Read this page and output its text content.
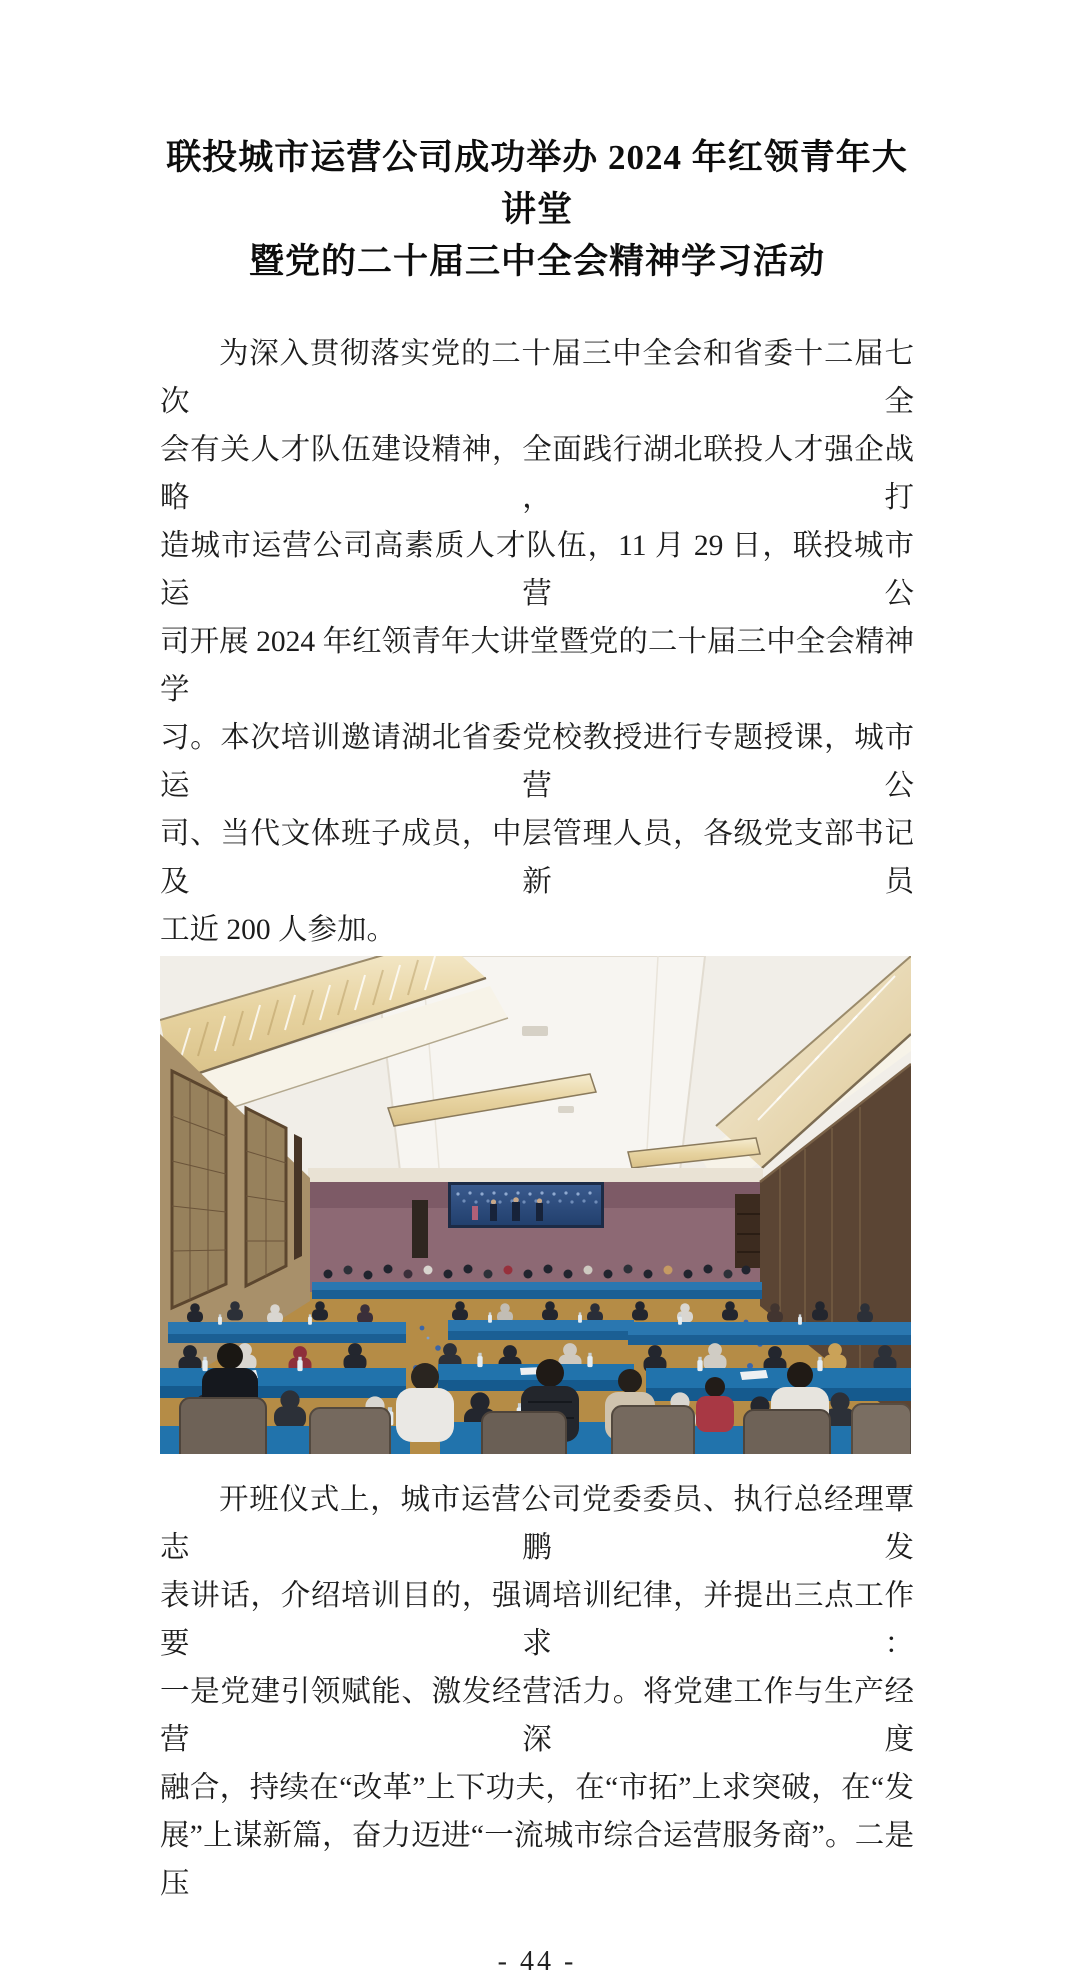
联投城市运营公司成功举办 2024 年红领青年大讲堂
暨党的二十届三中全会精神学习活动
为深入贯彻落实党的二十届三中全会和省委十二届七次全
会有关人才队伍建设精神，全面践行湖北联投人才强企战略，打
造城市运营公司高素质人才队伍，11 月 29 日，联投城市运营公
司开展 2024 年红领青年大讲堂暨党的二十届三中全会精神学
习。本次培训邀请湖北省委党校教授进行专题授课，城市运营公
司、当代文体班子成员，中层管理人员，各级党支部书记及新员
工近 200 人参加。
开班仪式上，城市运营公司党委委员、执行总经理覃志鹏发
表讲话，介绍培训目的，强调培训纪律，并提出三点工作要求：
一是党建引领赋能、激发经营活力。将党建工作与生产经营深度
融合，持续在“改革”上下功夫，在“市拓”上求突破，在“发
展”上谋新篇，奋力迈进“一流城市综合运营服务商”。二是压
- 44 -
